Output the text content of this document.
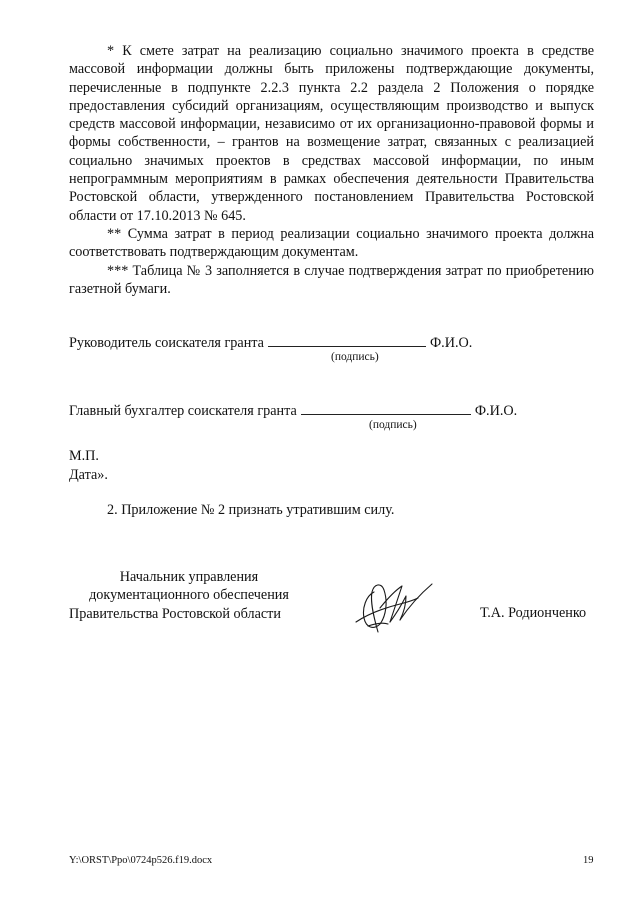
* К смете затрат на реализацию социально значимого проекта в средстве массовой информации должны быть приложены подтверждающие документы, перечисленные в подпункте 2.2.3 пункта 2.2 раздела 2 Положения о порядке предоставления субсидий организациям, осуществляющим производство и выпуск средств массовой информации, независимо от их организационно-правовой формы и формы собственности, – грантов на возмещение затрат, связанных с реализацией социально значимых проектов в средствах массовой информации, по иным непрограммным мероприятиям в рамках обеспечения деятельности Правительства Ростовской области, утвержденного постановлением Правительства Ростовской области от 17.10.2013 № 645.

** Сумма затрат в период реализации социально значимого проекта должна соответствовать подтверждающим документам.

*** Таблица № 3 заполняется в случае подтверждения затрат по приобретению газетной бумаги.

Руководитель соискателя гранта	Ф.И.О.
(подпись)
Главный бухгалтер соискателя гранта	Ф.И.О.
(подпись)

М.П.

Дата».

2. Приложение № 2 признать утратившим силу.

Начальник управления
документационного обеспечения
Правительства Ростовской области	Т.А. Родионченко

Y:\ORST\Ppo\0724p526.f19.docx	19
